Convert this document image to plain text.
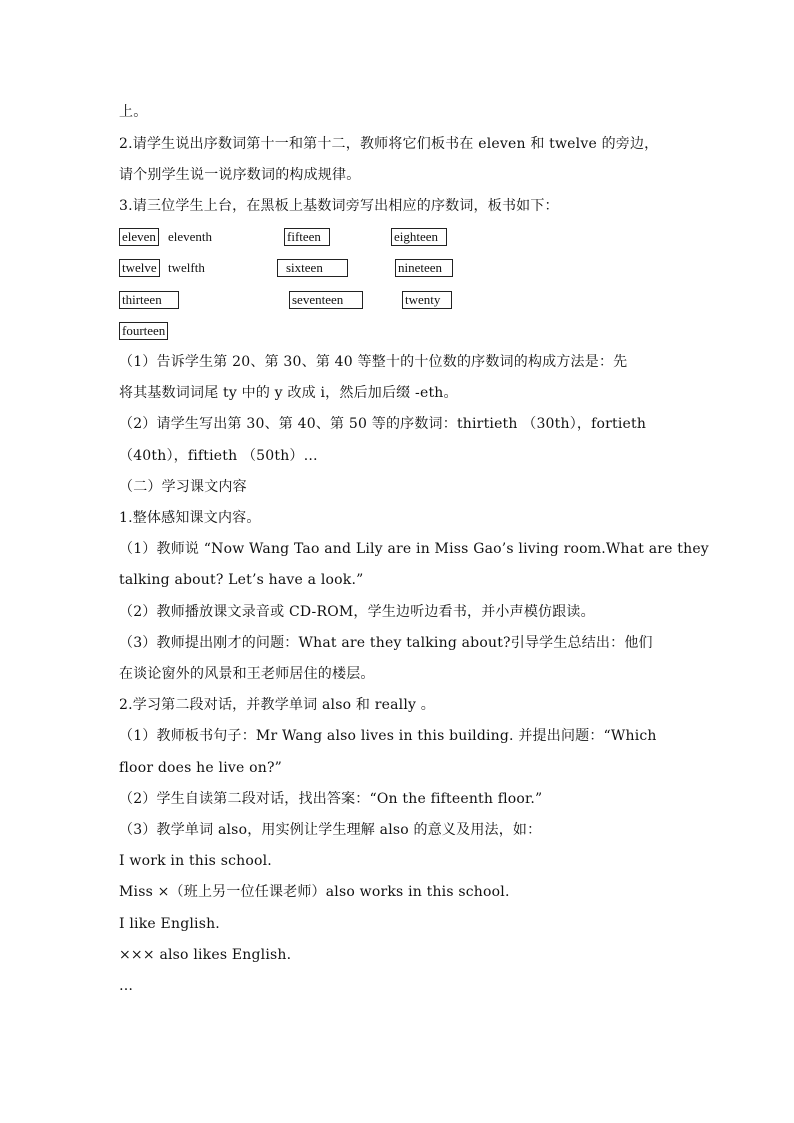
上。
2.请学生说出序数词第十一和第十二，教师将它们板书在 eleven 和 twelve 的旁边，
请个别学生说一说序数词的构成规律。
3.请三位学生上台，在黑板上基数词旁写出相应的序数词，板书如下：
eleven eleventh	fifteen	eighteen
twelve twelfth	sixteen	nineteen
thirteen	seventeen	twenty
fourteen
（1）告诉学生第 20、第 30、第 40 等整十的十位数的序数词的构成方法是：先
将其基数词词尾 ty 中的 y 改成 i，然后加后缀 -eth。
（2）请学生写出第 30、第 40、第 50 等的序数词：thirtieth （30th），fortieth
（40th），fiftieth （50th）…
（二）学习课文内容
1.整体感知课文内容。
（1）教师说 “Now Wang Tao and Lily are in Miss Gao’s living room.What are they
talking about? Let’s have a look.”
（2）教师播放课文录音或 CD-ROM，学生边听边看书，并小声模仿跟读。
（3）教师提出刚才的问题：What are they talking about?引导学生总结出：他们
在谈论窗外的风景和王老师居住的楼层。
2.学习第二段对话，并教学单词 also 和 really 。
（1）教师板书句子：Mr Wang also lives in this building. 并提出问题：“Which
floor does he live on?”
（2）学生自读第二段对话，找出答案：“On the fifteenth floor.”
（3）教学单词 also，用实例让学生理解 also 的意义及用法，如：
I work in this school.
Miss ×（班上另一位任课老师）also works in this school.
I like English.
××× also likes English.
…
